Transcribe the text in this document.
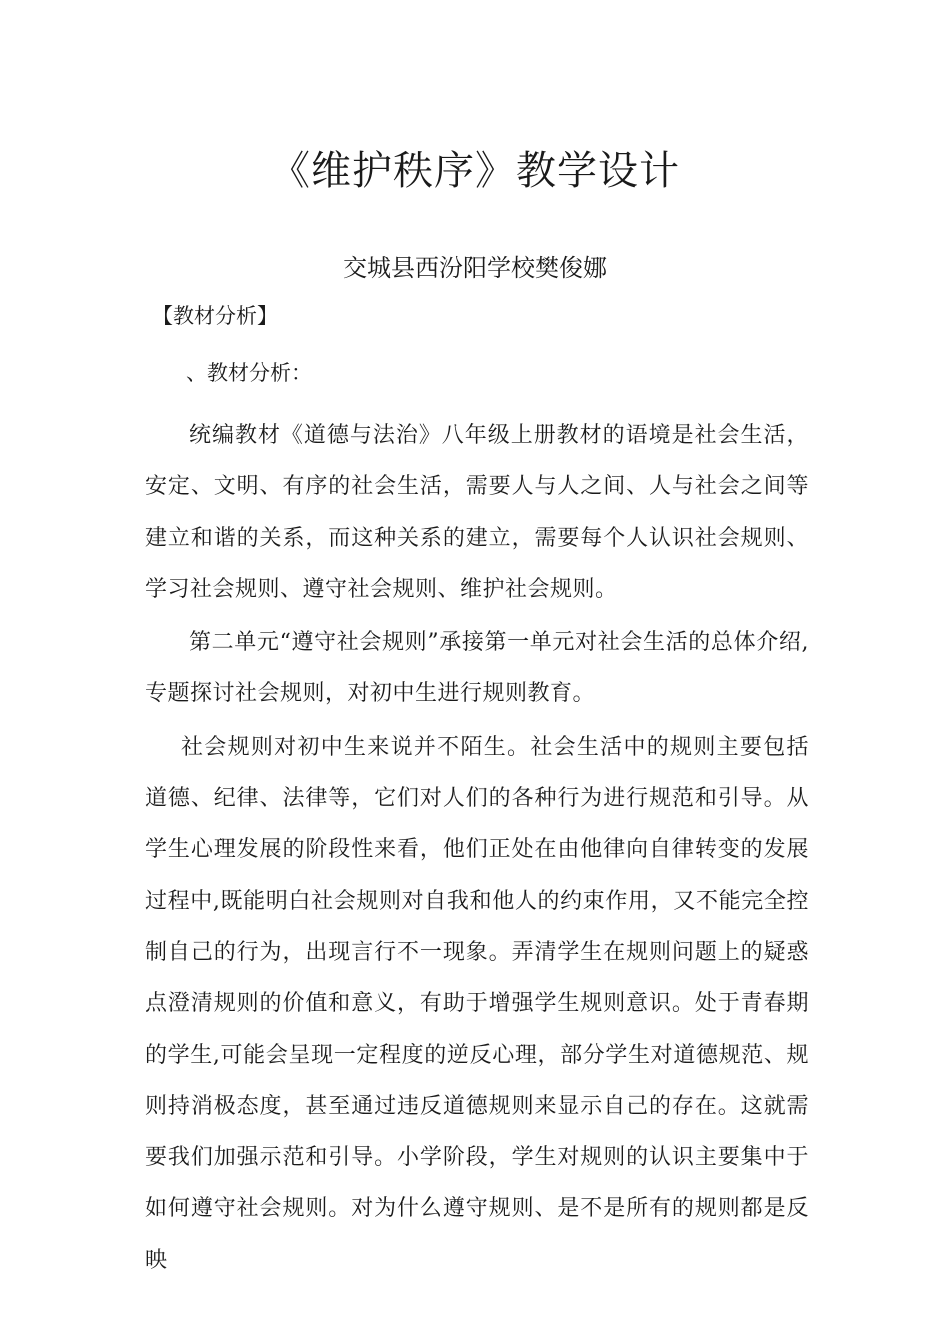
《维护秩序》教学设计
交城县西汾阳学校樊俊娜
【教材分析】
、教材分析：

统编教材《道德与法治》八年级上册教材的语境是社会生活，安定、文明、有序的社会生活，需要人与人之间、人与社会之间等建立和谐的关系，而这种关系的建立，需要每个人认识社会规则、学习社会规则、遵守社会规则、维护社会规则。

第二单元“遵守社会规则”承接第一单元对社会生活的总体介绍,专题探讨社会规则，对初中生进行规则教育。

社会规则对初中生来说并不陌生。社会生活中的规则主要包括道德、纪律、法律等，它们对人们的各种行为进行规范和引导。从学生心理发展的阶段性来看，他们正处在由他律向自律转变的发展过程中,既能明白社会规则对自我和他人的约束作用，又不能完全控制自己的行为，出现言行不一现象。弄清学生在规则问题上的疑惑点澄清规则的价值和意义，有助于增强学生规则意识。处于青春期的学生,可能会呈现一定程度的逆反心理，部分学生对道德规范、规则持消极态度，甚至通过违反道德规则来显示自己的存在。这就需要我们加强示范和引导。小学阶段，学生对规则的认识主要集中于如何遵守社会规则。对为什么遵守规则、是不是所有的规则都是反映
